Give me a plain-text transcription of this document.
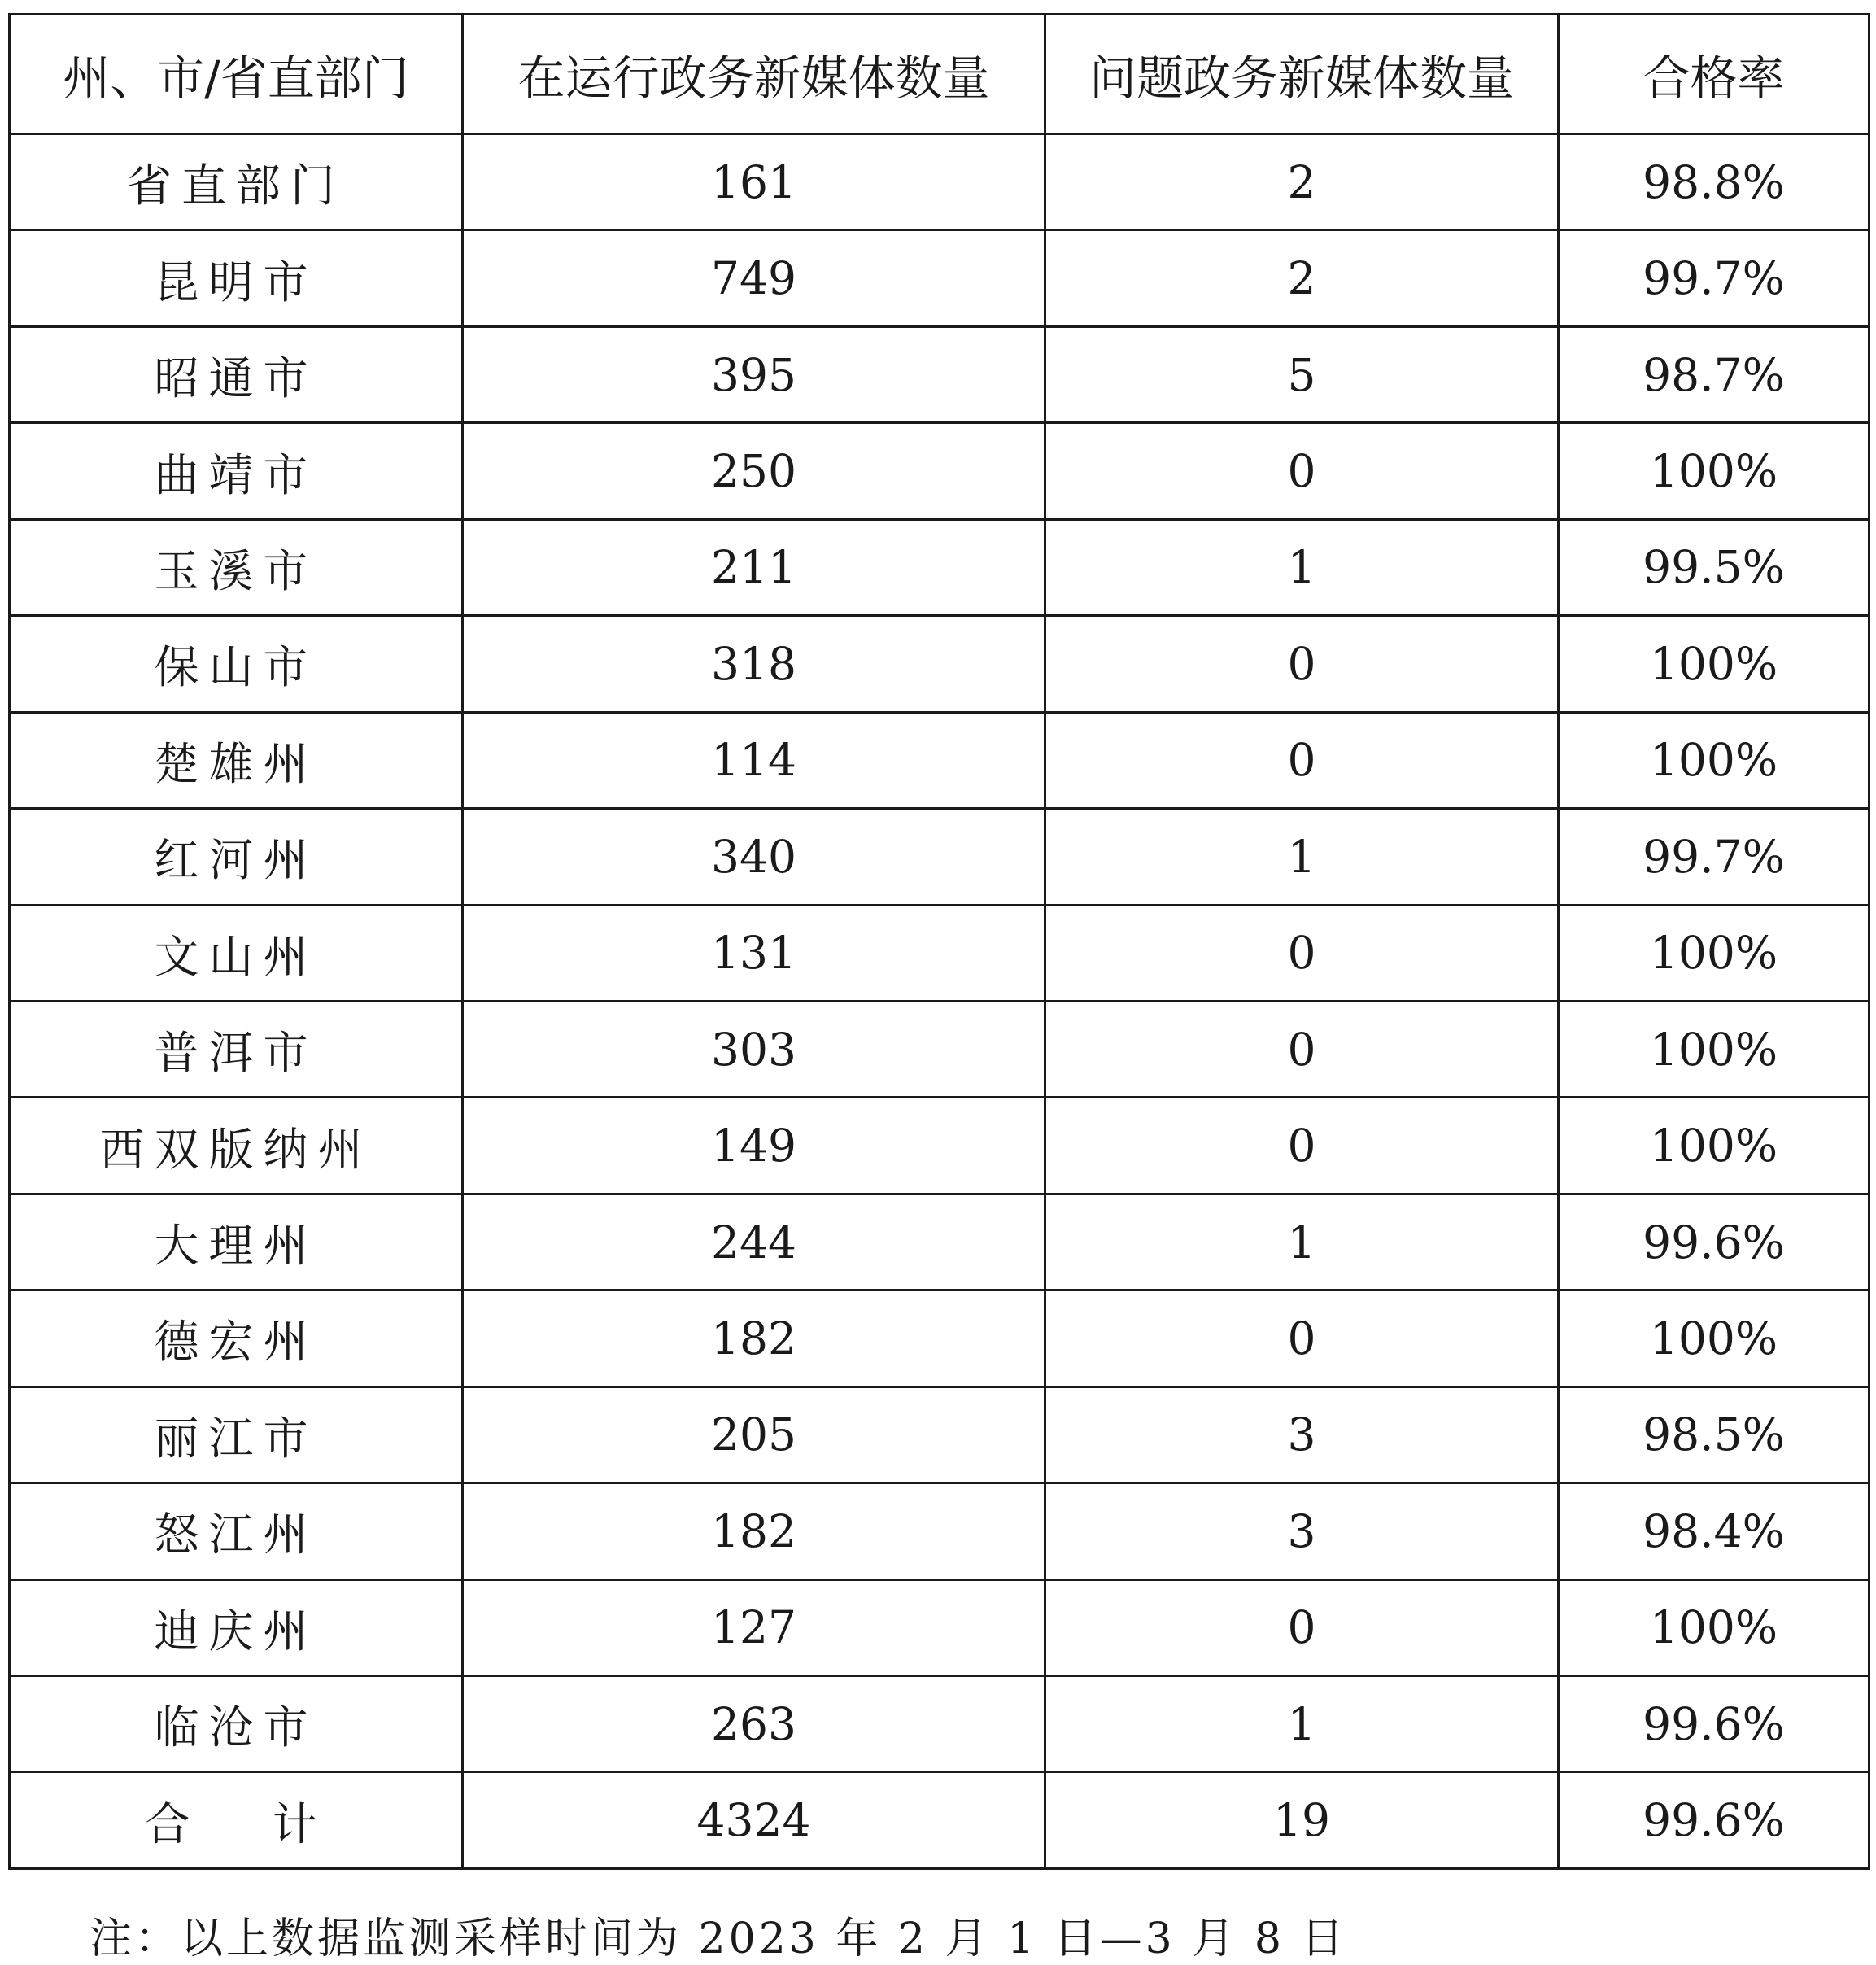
州、市/省直部门	在运行政务新媒体数量	问题政务新媒体数量	合格率
省直部门	161	2	98.8%
昆明市	749	2	99.7%
昭通市	395	5	98.7%
曲靖市	250	0	100%
玉溪市	211	1	99.5%
保山市	318	0	100%
楚雄州	114	0	100%
红河州	340	1	99.7%
文山州	131	0	100%
普洱市	303	0	100%
西双版纳州	149	0	100%
大理州	244	1	99.6%
德宏州	182	0	100%
丽江市	205	3	98.5%
怒江州	182	3	98.4%
迪庆州	127	0	100%
临沧市	263	1	99.6%
合 计	4324	19	99.6%
注：以上数据监测采样时间为 2023 年 2 月 1 日—3 月 8 日
